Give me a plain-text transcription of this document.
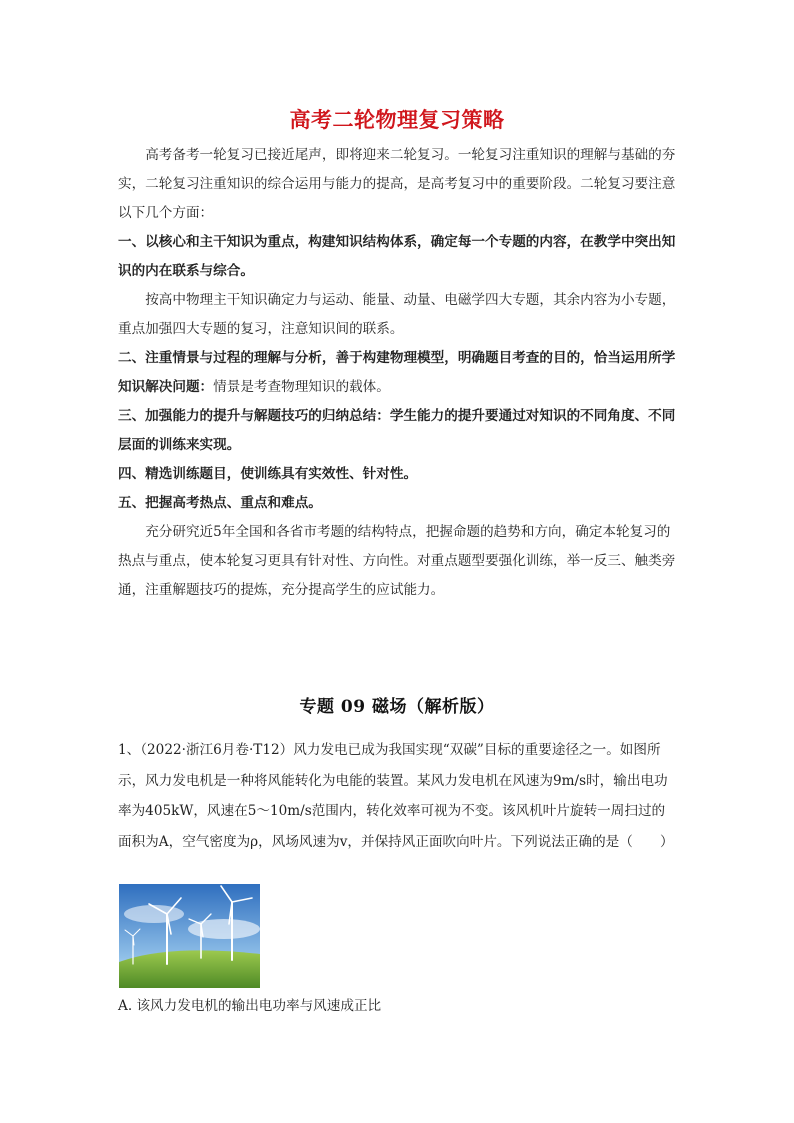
高考二轮物理复习策略

高考备考一轮复习已接近尾声，即将迎来二轮复习。一轮复习注重知识的理解与基础的夯实，二轮复习注重知识的综合运用与能力的提高，是高考复习中的重要阶段。二轮复习要注意以下几个方面：

一、以核心和主干知识为重点，构建知识结构体系，确定每一个专题的内容，在教学中突出知识的内在联系与综合。

按高中物理主干知识确定力与运动、能量、动量、电磁学四大专题，其余内容为小专题，重点加强四大专题的复习，注意知识间的联系。

二、注重情景与过程的理解与分析，善于构建物理模型，明确题目考查的目的，恰当运用所学知识解决问题：情景是考查物理知识的载体。

三、加强能力的提升与解题技巧的归纳总结：学生能力的提升要通过对知识的不同角度、不同层面的训练来实现。

四、精选训练题目，使训练具有实效性、针对性。

五、把握高考热点、重点和难点。

充分研究近5年全国和各省市考题的结构特点，把握命题的趋势和方向，确定本轮复习的热点与重点，使本轮复习更具有针对性、方向性。对重点题型要强化训练，举一反三、触类旁通，注重解题技巧的提炼，充分提高学生的应试能力。

专题 09 磁场（解析版）

1、（2022·浙江6月卷·T12）风力发电已成为我国实现“双碳”目标的重要途径之一。如图所示，风力发电机是一种将风能转化为电能的装置。某风力发电机在风速为9m/s时，输出电功率为405kW，风速在5～10m/s范围内，转化效率可视为不变。该风机叶片旋转一周扫过的面积为A，空气密度为ρ，风场风速为v，并保持风正面吹向叶片。下列说法正确的是（　　）

A. 该风力发电机的输出电功率与风速成正比
